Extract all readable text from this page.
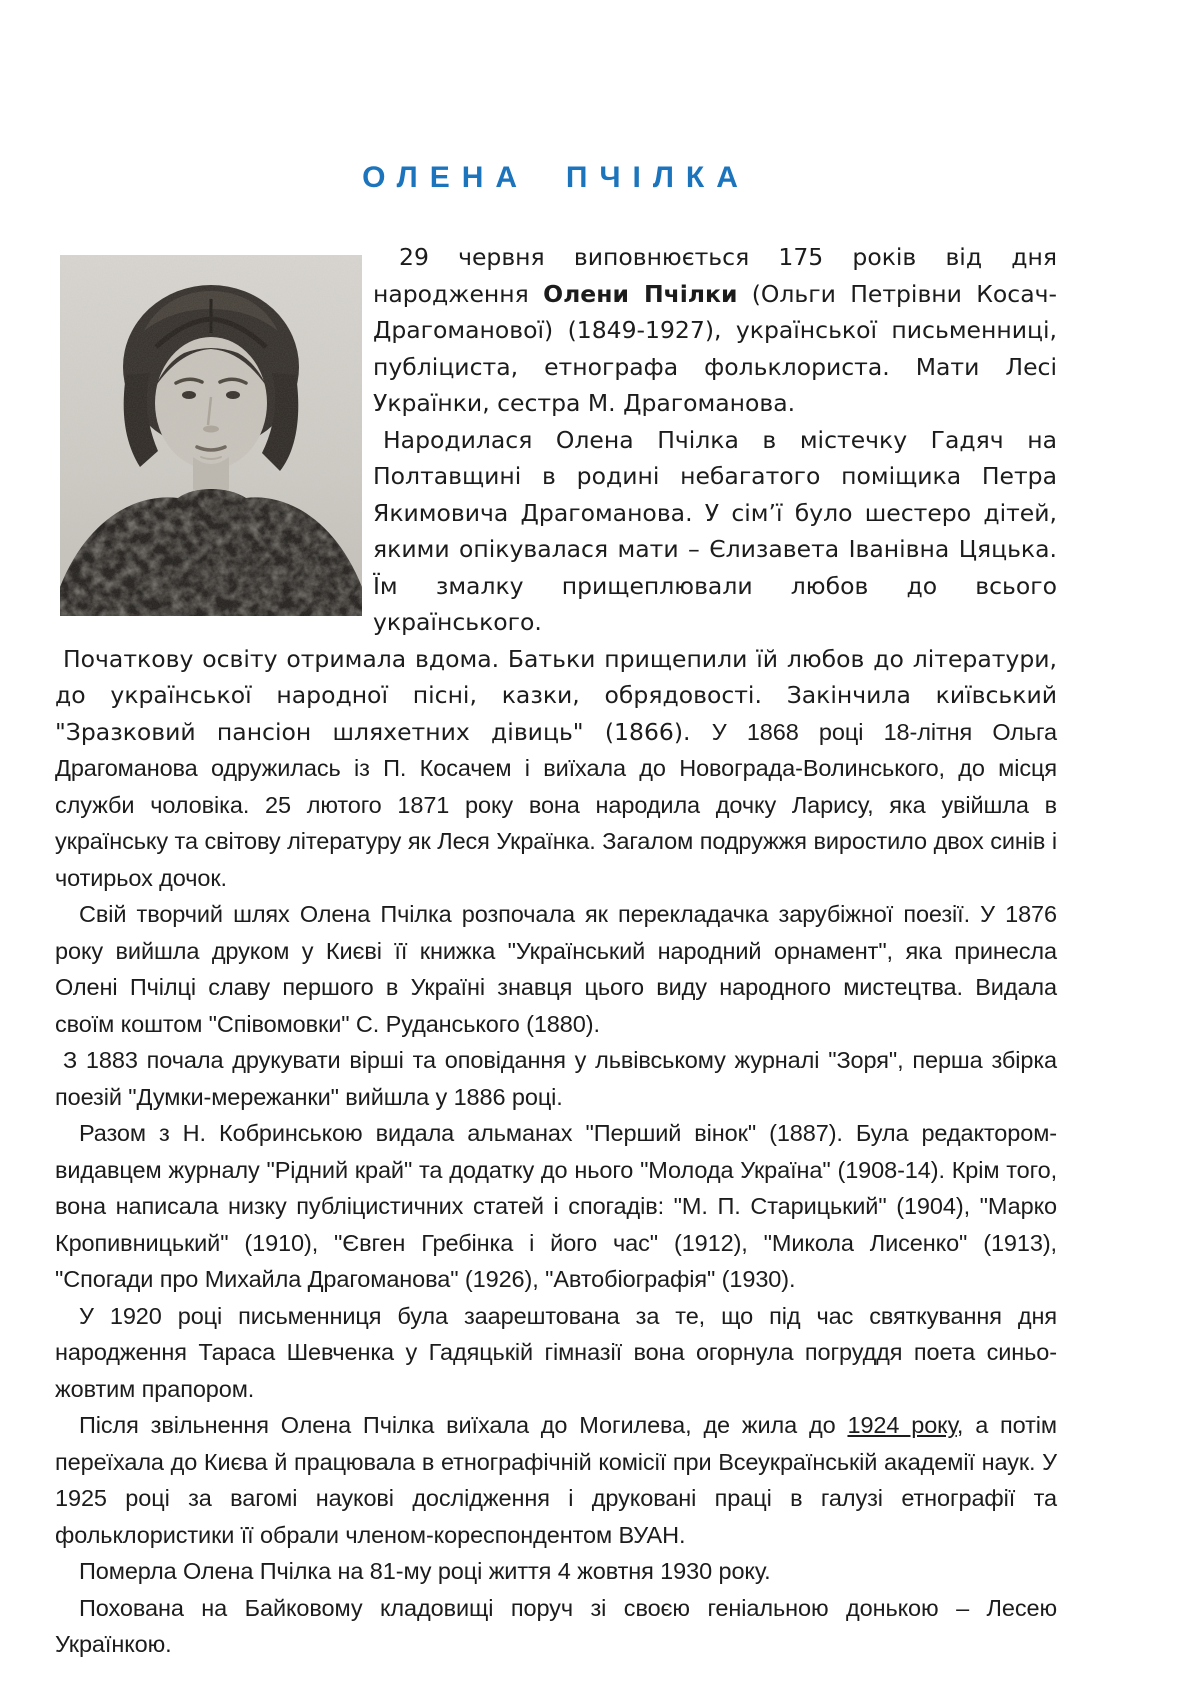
ОЛЕНА ПЧІЛКА

29 червня виповнюється 175 років від дня народження Олени Пчілки (Ольги Петрівни Косач-Драгоманової) (1849-1927), української письменниці, публіциста, етнографа фольклориста. Мати Лесі Українки, сестра М. Драгоманова.

Народилася Олена Пчілка в містечку Гадяч на Полтавщині в родині небагатого поміщика Петра Якимовича Драгоманова. У сім’ї було шестеро дітей, якими опікувалася мати – Єлизавета Іванівна Цяцька. Їм змалку прищеплювали любов до всього українського.

Початкову освіту отримала вдома. Батьки прищепили їй любов до літератури, до української народної пісні, казки, обрядовості. Закінчила київський "Зразковий пансіон шляхетних дівиць" (1866). У 1868 році 18-літня Ольга Драгоманова одружилась із П. Косачем і виїхала до Новограда-Волинського, до місця служби чоловіка. 25 лютого 1871 року вона народила дочку Ларису, яка увійшла в українську та світову літературу як Леся Українка. Загалом подружжя виростило двох синів і чотирьох дочок.

Свій творчий шлях Олена Пчілка розпочала як перекладачка зарубіжної поезії. У 1876 року вийшла друком у Києві її книжка "Український народний орнамент", яка принесла Олені Пчілці славу першого в Україні знавця цього виду народного мистецтва. Видала своїм коштом "Співомовки" С. Руданського (1880).

З 1883 почала друкувати вірші та оповідання у львівському журналі "Зоря", перша збірка поезій "Думки-мережанки" вийшла у 1886 році.

Разом з Н. Кобринською видала альманах "Перший вінок" (1887). Була редактором-видавцем журналу "Рідний край" та додатку до нього "Молода Україна" (1908-14). Крім того, вона написала низку публіцистичних статей і спогадів: "М. П. Старицький" (1904), "Марко Кропивницький" (1910), "Євген Гребінка і його час" (1912), "Микола Лисенко" (1913), "Спогади про Михайла Драгоманова" (1926), "Автобіографія" (1930).

У 1920 році письменниця була заарештована за те, що під час святкування дня народження Тараса Шевченка у Гадяцькій гімназії вона огорнула погруддя поета синьо-жовтим прапором.

Після звільнення Олена Пчілка виїхала до Могилева, де жила до 1924 року, а потім переїхала до Києва й працювала в етнографічній комісії при Всеукраїнській академії наук. У 1925 році за вагомі наукові дослідження і друковані праці в галузі етнографії та фольклористики її обрали членом-кореспондентом ВУАН.

Померла Олена Пчілка на 81-му році життя 4 жовтня 1930 року.

Похована на Байковому кладовищі поруч зі своєю геніальною донькою – Лесею Українкою.
